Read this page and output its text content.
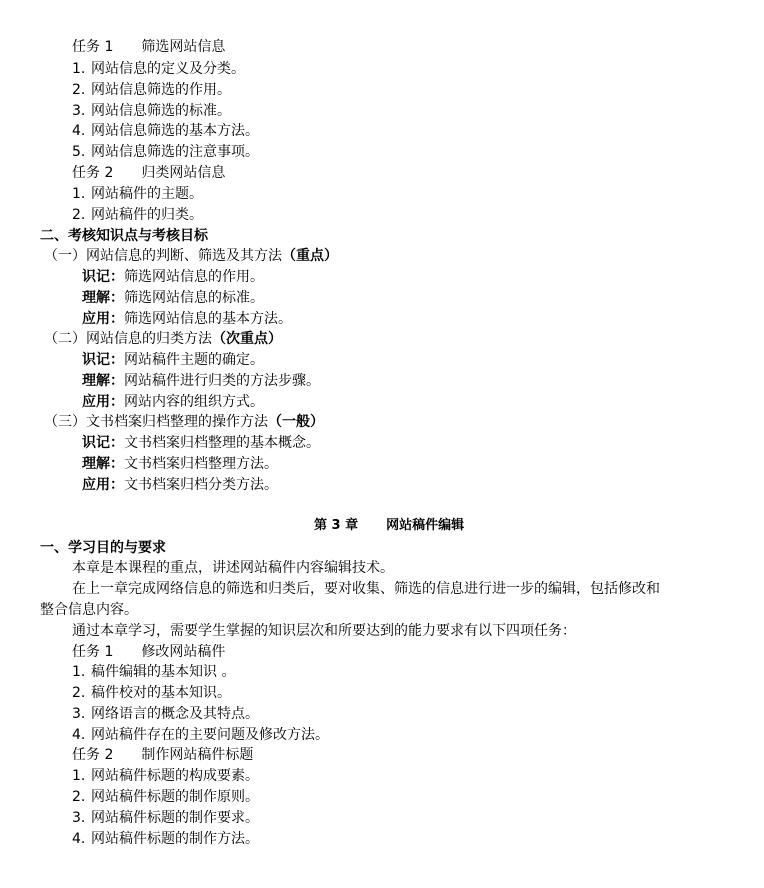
任务 1 筛选网站信息
1. 网站信息的定义及分类。
2. 网站信息筛选的作用。
3. 网站信息筛选的标准。
4. 网站信息筛选的基本方法。
5. 网站信息筛选的注意事项。
任务 2 归类网站信息
1. 网站稿件的主题。
2. 网站稿件的归类。
二、考核知识点与考核目标
（一）网站信息的判断、筛选及其方法（重点）
识记：筛选网站信息的作用。
理解：筛选网站信息的标准。
应用：筛选网站信息的基本方法。
（二）网站信息的归类方法（次重点）
识记：网站稿件主题的确定。
理解：网站稿件进行归类的方法步骤。
应用：网站内容的组织方式。
（三）文书档案归档整理的操作方法（一般）
识记：文书档案归档整理的基本概念。
理解：文书档案归档整理方法。
应用：文书档案归档分类方法。
第 3 章 网站稿件编辑
一、学习目的与要求
本章是本课程的重点，讲述网站稿件内容编辑技术。
在上一章完成网络信息的筛选和归类后，要对收集、筛选的信息进行进一步的编辑，包括修改和
整合信息内容。
通过本章学习，需要学生掌握的知识层次和所要达到的能力要求有以下四项任务：
任务 1 修改网站稿件
1. 稿件编辑的基本知识 。
2. 稿件校对的基本知识。
3. 网络语言的概念及其特点。
4. 网站稿件存在的主要问题及修改方法。
任务 2 制作网站稿件标题
1. 网站稿件标题的构成要素。
2. 网站稿件标题的制作原则。
3. 网站稿件标题的制作要求。
4. 网站稿件标题的制作方法。
